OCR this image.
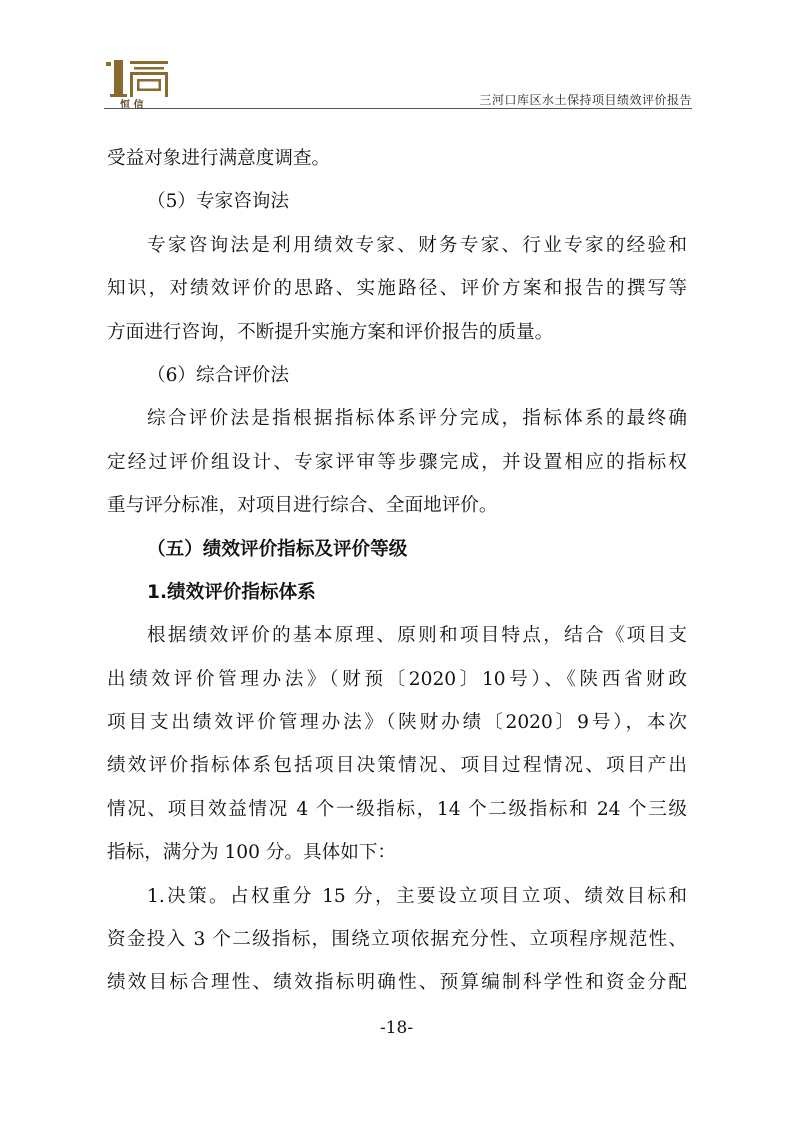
恒 信	三河口库区水土保持项目绩效评价报告
受益对象进行满意度调查。
（5）专家咨询法
专家咨询法是利用绩效专家、财务专家、行业专家的经验和
知识，对绩效评价的思路、实施路径、评价方案和报告的撰写等
方面进行咨询，不断提升实施方案和评价报告的质量。
（6）综合评价法
综合评价法是指根据指标体系评分完成，指标体系的最终确
定经过评价组设计、专家评审等步骤完成，并设置相应的指标权
重与评分标准，对项目进行综合、全面地评价。
（五）绩效评价指标及评价等级
1.绩效评价指标体系
根据绩效评价的基本原理、原则和项目特点，结合《项目支
出绩效评价管理办法》（财预〔2020〕10号）、《陕西省财政
项目支出绩效评价管理办法》（陕财办绩〔2020〕9号），本次
绩效评价指标体系包括项目决策情况、项目过程情况、项目产出
情况、项目效益情况 4 个一级指标，14 个二级指标和 24 个三级
指标，满分为 100 分。具体如下：
1.决策。占权重分 15 分，主要设立项目立项、绩效目标和
资金投入 3 个二级指标，围绕立项依据充分性、立项程序规范性、
绩效目标合理性、绩效指标明确性、预算编制科学性和资金分配
-18-
